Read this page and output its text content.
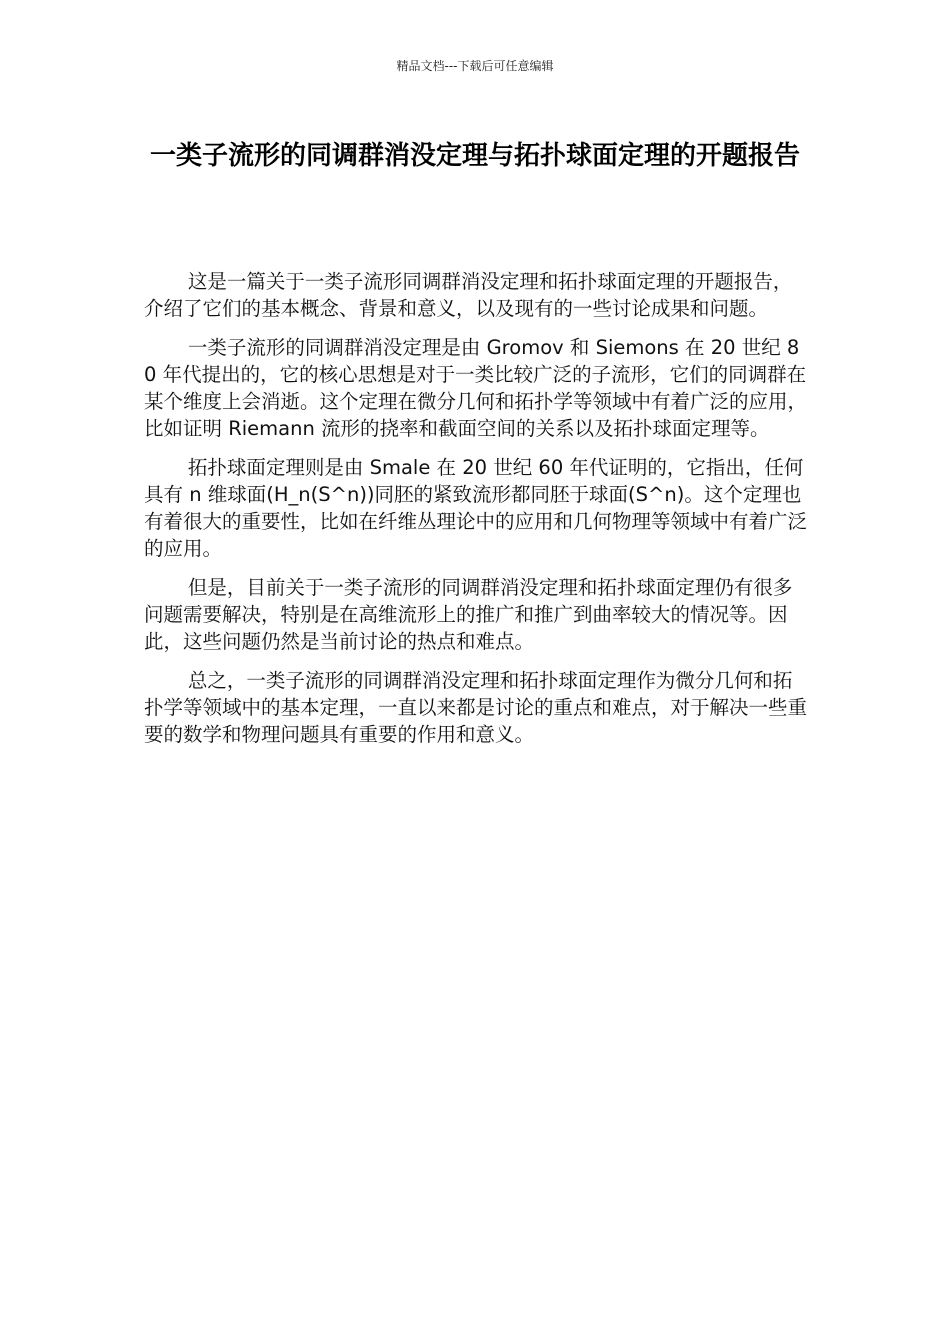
精品文档---下载后可任意编辑
一类子流形的同调群消没定理与拓扑球面定理的开题报告

这是一篇关于一类子流形同调群消没定理和拓扑球面定理的开题报告，介绍了它们的基本概念、背景和意义，以及现有的一些讨论成果和问题。

一类子流形的同调群消没定理是由 Gromov 和 Siemons 在 20 世纪 80 年代提出的，它的核心思想是对于一类比较广泛的子流形，它们的同调群在某个维度上会消逝。这个定理在微分几何和拓扑学等领域中有着广泛的应用，比如证明 Riemann 流形的挠率和截面空间的关系以及拓扑球面定理等。

拓扑球面定理则是由 Smale 在 20 世纪 60 年代证明的，它指出，任何具有 n 维球面(H_n(S^n))同胚的紧致流形都同胚于球面(S^n)。这个定理也有着很大的重要性，比如在纤维丛理论中的应用和几何物理等领域中有着广泛的应用。

但是，目前关于一类子流形的同调群消没定理和拓扑球面定理仍有很多问题需要解决，特别是在高维流形上的推广和推广到曲率较大的情况等。因此，这些问题仍然是当前讨论的热点和难点。

总之，一类子流形的同调群消没定理和拓扑球面定理作为微分几何和拓扑学等领域中的基本定理，一直以来都是讨论的重点和难点，对于解决一些重要的数学和物理问题具有重要的作用和意义。
